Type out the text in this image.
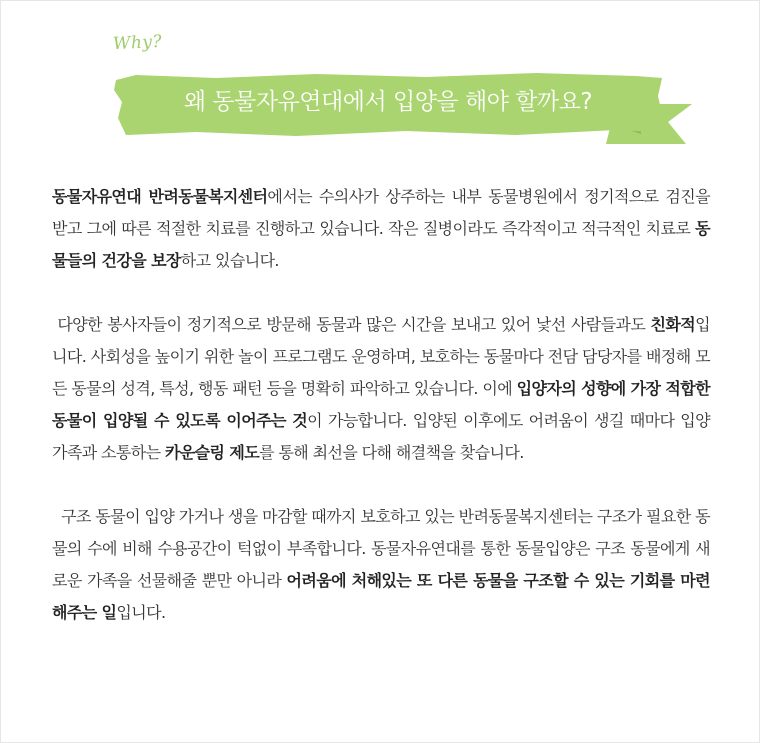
Why?
왜 동물자유연대에서 입양을 해야 할까요?

동물자유연대 반려동물복지센터에서는 수의사가 상주하는 내부 동물병원에서 정기적으로 검진을 받고 그에 따른 적절한 치료를 진행하고 있습니다. 작은 질병이라도 즉각적이고 적극적인 치료로 동물들의 건강을 보장하고 있습니다.

다양한 봉사자들이 정기적으로 방문해 동물과 많은 시간을 보내고 있어 낯선 사람들과도 친화적입니다. 사회성을 높이기 위한 놀이 프로그램도 운영하며, 보호하는 동물마다 전담 담당자를 배정해 모든 동물의 성격, 특성, 행동 패턴 등을 명확히 파악하고 있습니다. 이에 입양자의 성향에 가장 적합한 동물이 입양될 수 있도록 이어주는 것이 가능합니다. 입양된 이후에도 어려움이 생길 때마다 입양 가족과 소통하는 카운슬링 제도를 통해 최선을 다해 해결책을 찾습니다.

구조 동물이 입양 가거나 생을 마감할 때까지 보호하고 있는 반려동물복지센터는 구조가 필요한 동물의 수에 비해 수용공간이 턱없이 부족합니다. 동물자유연대를 통한 동물입양은 구조 동물에게 새로운 가족을 선물해줄 뿐만 아니라 어려움에 처해있는 또 다른 동물을 구조할 수 있는 기회를 마련해주는 일입니다.
